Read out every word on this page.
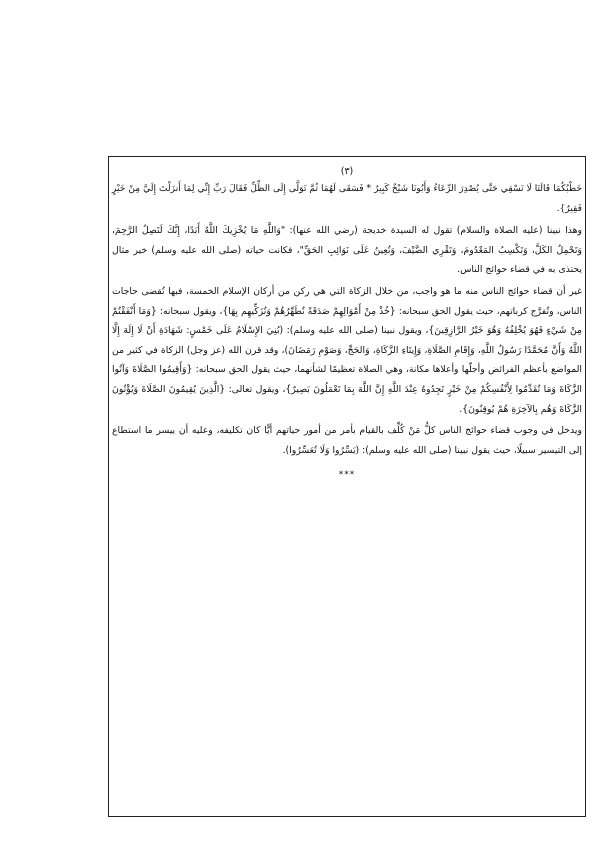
(٣)

خَطْبُكُمَا قَالَتَا لَا نَسْقِي حَتَّى يُصْدِرَ الرِّعَاءُ وَأَبُونَا شَيْخٌ كَبِيرٌ * فَسَقَى لَهُمَا ثُمَّ تَوَلَّى إِلَى الظِّلِّ فَقَالَ رَبِّ إِنِّي لِمَا أَنزَلْتَ إِلَيَّ مِنْ خَيْرٍ فَقِيرٌ}.

وهذا نبينا (عليه الصلاة والسلام) تقول له السيدة خديجة (رضي الله عنها): "وَاللَّهِ مَا يُخْزِيكَ اللَّهُ أَبَدًا، إِنَّكَ لَتَصِلُ الرَّحِمَ، وَتَحْمِلُ الكَلَّ، وَتَكْسِبُ المَعْدُومَ، وَتَقْرِي الضَّيْفَ، وَتُعِينُ عَلَى نَوَائِبِ الحَقِّ"، فكانت حياته (صلى الله عليه وسلم) خير مثال يحتذى به في قضاء حوائج الناس.

غير أن قضاء حوائج الناس منه ما هو واجب، من خلال الزكاة التي هي ركن من أركان الإسلام الخمسة، فبها تُقضى حاجات الناس، وتُفرَّج كرباتهم، حيث يقول الحق سبحانه: {خُذْ مِنْ أَمْوَالِهِمْ صَدَقَةً تُطَهِّرُهُمْ وَتُزَكِّيهِم بِهَا}، ويقول سبحانه: {وَمَا أَنْفَقْتُمْ مِنْ شَيْءٍ فَهُوَ يُخْلِفُهُ وَهُوَ خَيْرُ الرَّازِقِينَ}، ويقول نبينا (صلى الله عليه وسلم): (بُنِيَ الإِسْلَامُ عَلَى خَمْسٍ: شَهَادَةِ أَنْ لَا إِلَهَ إِلَّا اللَّهُ وَأَنَّ مُحَمَّدًا رَسُولُ اللَّهِ، وَإِقَامِ الصَّلَاةِ، وَإِيتَاءِ الزَّكَاةِ، وَالحَجِّ، وَصَوْمِ رَمَضَانَ)، وقد قرن الله (عز وجل) الزكاة في كثير من المواضع بأعظم الفرائض وأجلّها وأعلاها مكانة، وهي الصلاة تعظيمًا لشأنهما، حيث يقول الحق سبحانه: {وَأَقِيمُوا الصَّلَاةَ وَآتُوا الزَّكَاةَ وَمَا تُقَدِّمُوا لِأَنْفُسِكُمْ مِنْ خَيْرٍ تَجِدُوهُ عِنْدَ اللَّهِ إِنَّ اللَّهَ بِمَا تَعْمَلُونَ بَصِيرٌ}، ويقول تعالى: {الَّذِينَ يُقِيمُونَ الصَّلَاةَ وَيُؤْتُونَ الزَّكَاةَ وَهُم بِالآخِرَةِ هُمْ يُوقِنُونَ}.

ويدخل في وجوب قضاء حوائج الناس كلُّ مَنْ كُلِّف بالقيام بأمر من أمور حياتهم أيًّا كان تكليفه، وعليه أن ييسر ما استطاع إلى التيسير سبيلًا، حيث يقول نبينا (صلى الله عليه وسلم): (يَسِّرُوا وَلَا تُعَسِّرُوا).

***
